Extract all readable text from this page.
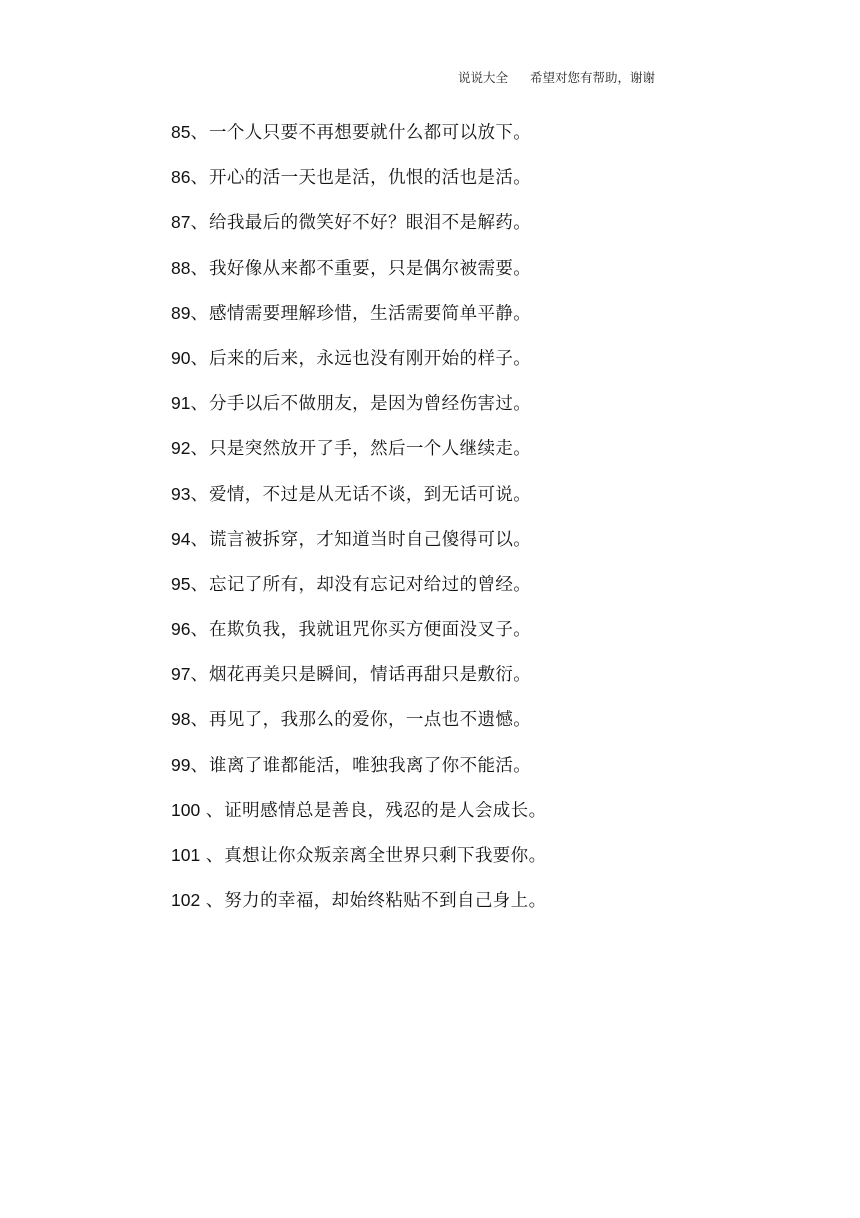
说说大全 希望对您有帮助，谢谢
85、一个人只要不再想要就什么都可以放下。
86、开心的活一天也是活，仇恨的活也是活。
87、给我最后的微笑好不好？眼泪不是解药。
88、我好像从来都不重要，只是偶尔被需要。
89、感情需要理解珍惜，生活需要简单平静。
90、后来的后来，永远也没有刚开始的样子。
91、分手以后不做朋友，是因为曾经伤害过。
92、只是突然放开了手，然后一个人继续走。
93、爱情，不过是从无话不谈，到无话可说。
94、谎言被拆穿，才知道当时自己傻得可以。
95、忘记了所有，却没有忘记对给过的曾经。
96、在欺负我，我就诅咒你买方便面没叉子。
97、烟花再美只是瞬间，情话再甜只是敷衍。
98、再见了，我那么的爱你，一点也不遗憾。
99、谁离了谁都能活，唯独我离了你不能活。
100 、证明感情总是善良，残忍的是人会成长。
101 、真想让你众叛亲离全世界只剩下我要你。
102 、努力的幸福，却始终粘贴不到自己身上。
